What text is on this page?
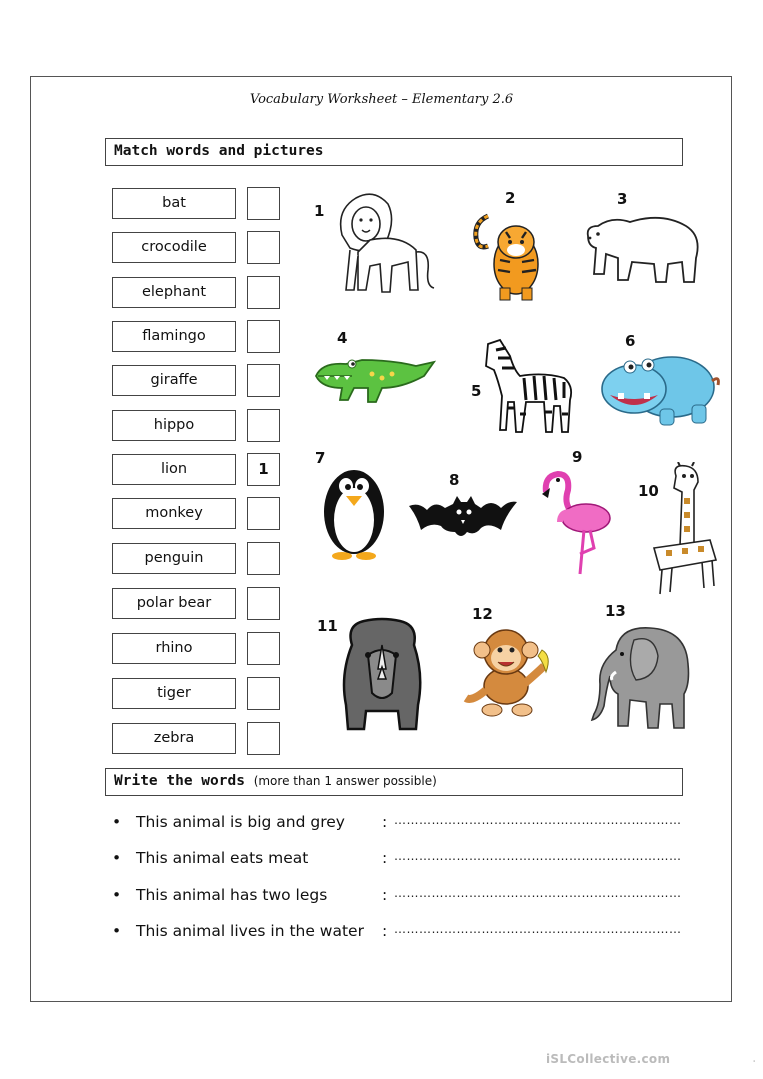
Vocabulary Worksheet – Elementary 2.6
Match words and pictures
bat
crocodile
elephant
flamingo
giraffe
hippo
lion	1
monkey
penguin
polar bear
rhino
tiger
zebra
1
2	3
4
5
6
7
8
9
10
11
12	13
Write the words (more than 1 answer possible)
• This animal is big and grey : ……………………………………………………………
• This animal eats meat	: ……………………………………………………………
• This animal has two legs	: ……………………………………………………………
• This animal lives in the water : ……………………………………………………………
iSLCollective.com	.
